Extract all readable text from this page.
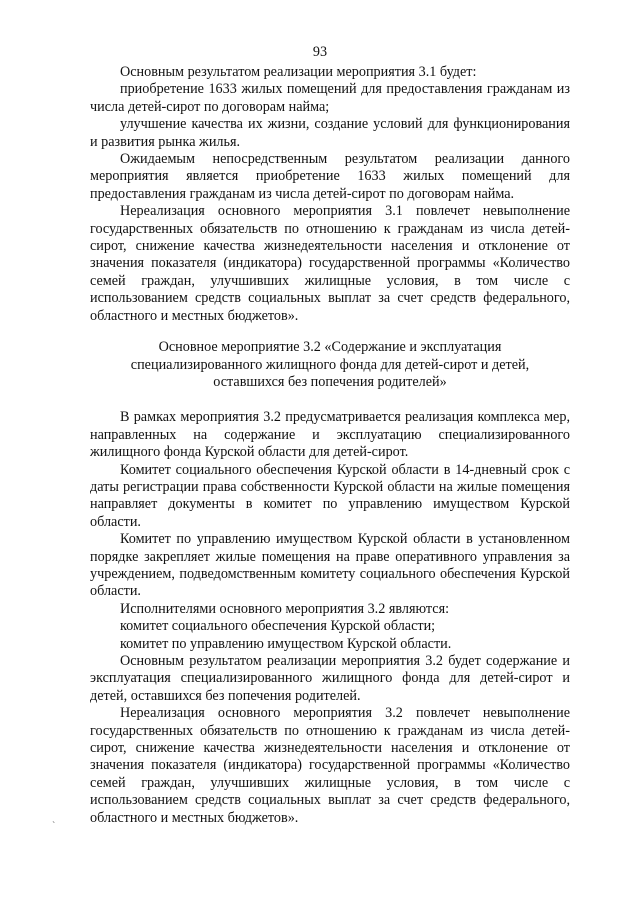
93

Основным результатом реализации мероприятия 3.1 будет:

приобретение 1633 жилых помещений для предоставления гражданам из числа детей-сирот по договорам найма;

улучшение качества их жизни, создание условий для функционирования и развития рынка жилья.

Ожидаемым непосредственным результатом реализации данного мероприятия является приобретение 1633 жилых помещений для предоставления гражданам из числа детей-сирот по договорам найма.

Нереализация основного мероприятия 3.1 повлечет невыполнение государственных обязательств по отношению к гражданам из числа детей-сирот, снижение качества жизнедеятельности населения и отклонение от значения показателя (индикатора) государственной программы «Количество семей граждан, улучшивших жилищные условия, в том числе с использованием средств социальных выплат за счет средств федерального, областного и местных бюджетов».

Основное мероприятие 3.2 «Содержание и эксплуатация
специализированного жилищного фонда для детей-сирот и детей,
оставшихся без попечения родителей»

В рамках мероприятия 3.2 предусматривается реализация комплекса мер, направленных на содержание и эксплуатацию специализированного жилищного фонда Курской области для детей-сирот.

Комитет социального обеспечения Курской области в 14-дневный срок с даты регистрации права собственности Курской области на жилые помещения направляет документы в комитет по управлению имуществом Курской области.

Комитет по управлению имуществом Курской области в установленном порядке закрепляет жилые помещения на праве оперативного управления за учреждением, подведомственным комитету социального обеспечения Курской области.

Исполнителями основного мероприятия 3.2 являются:

комитет социального обеспечения Курской области;

комитет по управлению имуществом Курской области.

Основным результатом реализации мероприятия 3.2 будет содержание и эксплуатация специализированного жилищного фонда для детей-сирот и детей, оставшихся без попечения родителей.

Нереализация основного мероприятия 3.2 повлечет невыполнение государственных обязательств по отношению к гражданам из числа детей-сирот, снижение качества жизнедеятельности населения и отклонение от значения показателя (индикатора) государственной программы «Количество семей граждан, улучшивших жилищные условия, в том числе с использованием средств социальных выплат за счет средств федерального, областного и местных бюджетов».

`
